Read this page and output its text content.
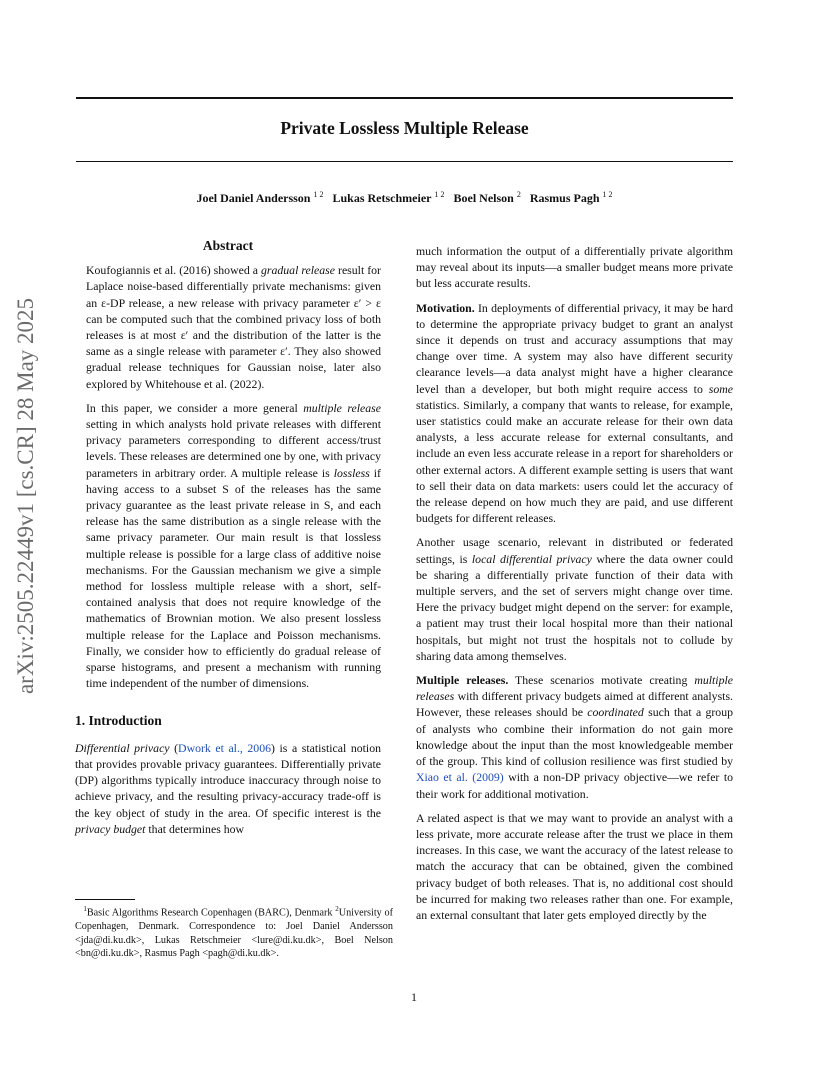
arXiv:2505.22449v1 [cs.CR] 28 May 2025
Private Lossless Multiple Release
Joel Daniel Andersson $^{1 2}$ Lukas Retschmeier $^{1 2}$ Boel Nelson $^2$ Rasmus Pagh $^{1 2}$
Abstract

Koufogiannis et al. (2016) showed a gradual release result for Laplace noise-based differentially private mechanisms: given an ε-DP release, a new release with privacy parameter ε′ > ε can be computed such that the combined privacy loss of both releases is at most ε′ and the distribution of the latter is the same as a single release with parameter ε′. They also showed gradual release techniques for Gaussian noise, later also explored by Whitehouse et al. (2022).

In this paper, we consider a more general multiple release setting in which analysts hold private releases with different privacy parameters corresponding to different access/trust levels. These releases are determined one by one, with privacy parameters in arbitrary order. A multiple release is lossless if having access to a subset S of the releases has the same privacy guarantee as the least private release in S, and each release has the same distribution as a single release with the same privacy parameter. Our main result is that lossless multiple release is possible for a large class of additive noise mechanisms. For the Gaussian mechanism we give a simple method for lossless multiple release with a short, self-contained analysis that does not require knowledge of the mathematics of Brownian motion. We also present lossless multiple release for the Laplace and Poisson mechanisms. Finally, we consider how to efficiently do gradual release of sparse histograms, and present a mechanism with running time independent of the number of dimensions.

1. Introduction

Differential privacy (Dwork et al., 2006) is a statistical notion that provides provable privacy guarantees. Differentially private (DP) algorithms typically introduce inaccuracy through noise to achieve privacy, and the resulting privacy-accuracy trade-off is the key object of study in the area. Of specific interest is the privacy budget that determines how

$^1$Basic Algorithms Research Copenhagen (BARC), Denmark $^2$University of Copenhagen, Denmark. Correspondence to: Joel Daniel Andersson <jda@di.ku.dk>, Lukas Retschmeier <lure@di.ku.dk>, Boel Nelson <bn@di.ku.dk>, Rasmus Pagh <pagh@di.ku.dk>.

much information the output of a differentially private algorithm may reveal about its inputs—a smaller budget means more private but less accurate results.

Motivation. In deployments of differential privacy, it may be hard to determine the appropriate privacy budget to grant an analyst since it depends on trust and accuracy assumptions that may change over time. A system may also have different security clearance levels—a data analyst might have a higher clearance level than a developer, but both might require access to some statistics. Similarly, a company that wants to release, for example, user statistics could make an accurate release for their own data analysts, a less accurate release for external consultants, and include an even less accurate release in a report for shareholders or other external actors. A different example setting is users that want to sell their data on data markets: users could let the accuracy of the release depend on how much they are paid, and use different budgets for different releases.

Another usage scenario, relevant in distributed or federated settings, is local differential privacy where the data owner could be sharing a differentially private function of their data with multiple servers, and the set of servers might change over time. Here the privacy budget might depend on the server: for example, a patient may trust their local hospital more than their national hospitals, but might not trust the hospitals not to collude by sharing data among themselves.

Multiple releases. These scenarios motivate creating multiple releases with different privacy budgets aimed at different analysts. However, these releases should be coordinated such that a group of analysts who combine their information do not gain more knowledge about the input than the most knowledgeable member of the group. This kind of collusion resilience was first studied by Xiao et al. (2009) with a non-DP privacy objective—we refer to their work for additional motivation.

A related aspect is that we may want to provide an analyst with a less private, more accurate release after the trust we place in them increases. In this case, we want the accuracy of the latest release to match the accuracy that can be obtained, given the combined privacy budget of both releases. That is, no additional cost should be incurred for making two releases rather than one. For example, an external consultant that later gets employed directly by the

1
